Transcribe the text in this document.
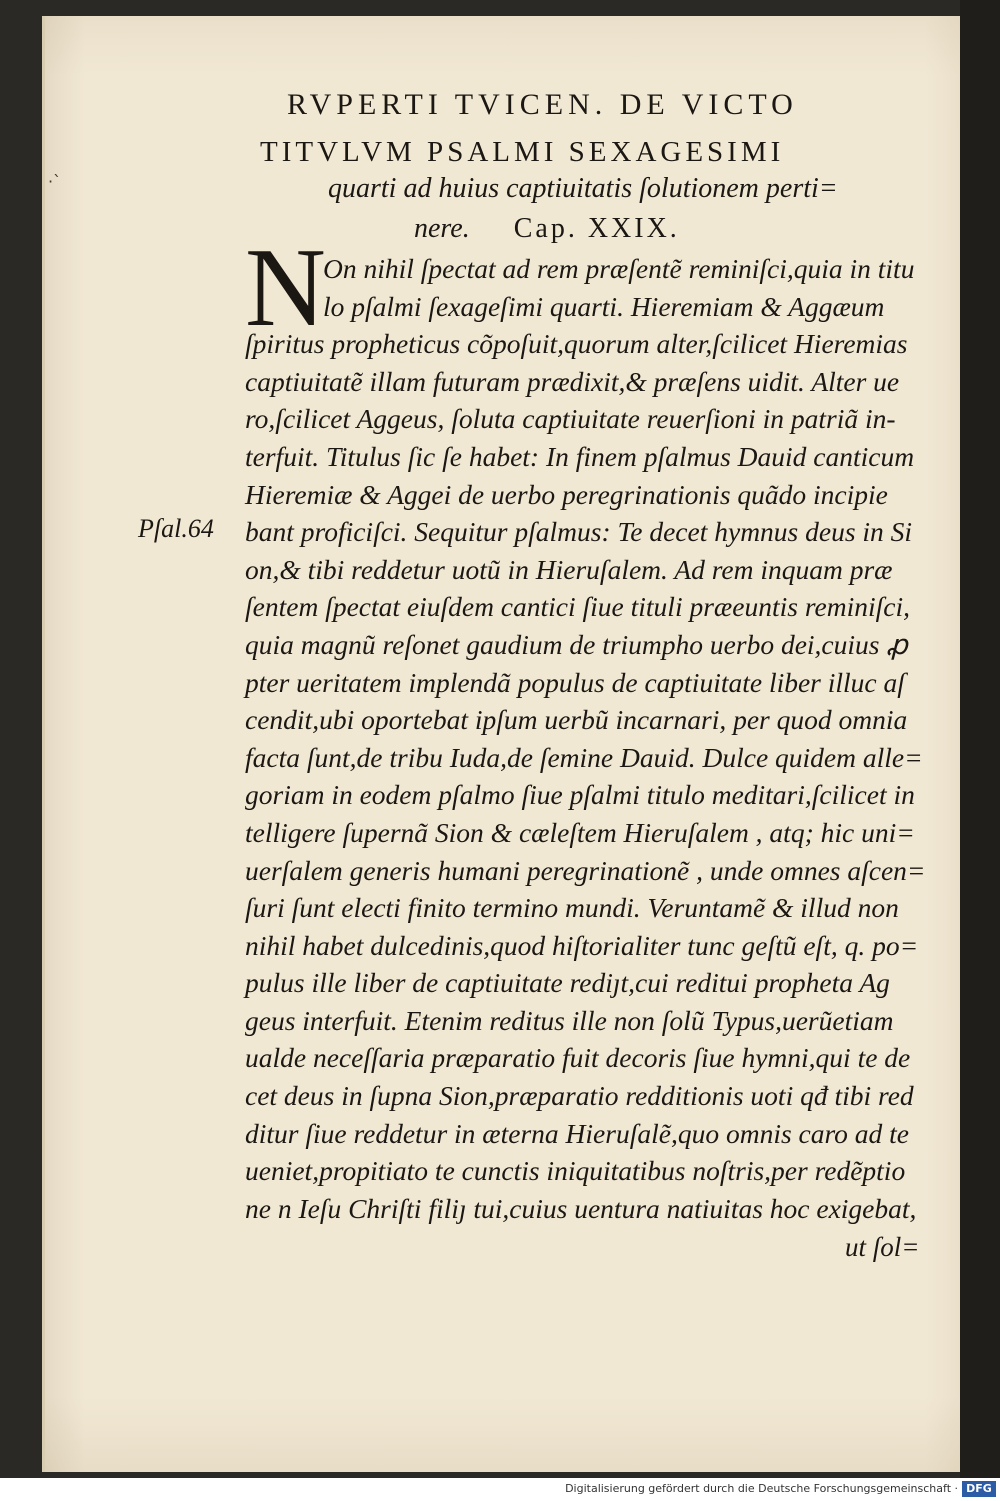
·`
RVPERTI TVICEN. DE VICTO
TITVLVM PSALMI SEXAGESIMI
quarti ad huius captiuitatis ſolutionem perti=
nere. Cap. XXIX.
N
Pſal.64
On nihil ſpectat ad rem præſentẽ reminiſci,quia in titu
lo pſalmi ſexageſimi quarti. Hieremiam & Aggæum
ſpiritus propheticus cõpoſuit,quorum alter,ſcilicet Hieremias
captiuitatẽ illam futuram prædixit,& præſens uidit. Alter ue
ro,ſcilicet Aggeus, ſoluta captiuitate reuerſioni in patriã in-
terfuit. Titulus ſic ſe habet: In finem pſalmus Dauid canticum
Hieremiæ & Aggei de uerbo peregrinationis quãdo incipie
bant proficiſci. Sequitur pſalmus: Te decet hymnus deus in Si
on,& tibi reddetur uotũ in Hieruſalem. Ad rem inquam præ
ſentem ſpectat eiuſdem cantici ſiue tituli præeuntis reminiſci,
quia magnũ reſonet gaudium de triumpho uerbo dei,cuius ꝓ
pter ueritatem implendã populus de captiuitate liber illuc aſ
cendit,ubi oportebat ipſum uerbũ incarnari, per quod omnia
facta ſunt,de tribu Iuda,de ſemine Dauid. Dulce quidem alle=
goriam in eodem pſalmo ſiue pſalmi titulo meditari,ſcilicet in
telligere ſupernã Sion & cæleſtem Hieruſalem , atq; hic uni=
uerſalem generis humani peregrinationẽ , unde omnes aſcen=
ſuri ſunt electi finito termino mundi. Veruntamẽ & illud non
nihil habet dulcedinis,quod hiſtorialiter tunc geſtũ eſt, q. po=
pulus ille liber de captiuitate rediȷt,cui reditui propheta Ag
geus interfuit. Etenim reditus ille non ſolũ Typus,uerũetiam
ualde neceſſaria præparatio fuit decoris ſiue hymni,qui te de
cet deus in ſupna Sion,præparatio redditionis uoti qđ tibi red
ditur ſiue reddetur in æterna Hieruſalẽ,quo omnis caro ad te
ueniet,propitiato te cunctis iniquitatibus noſtris,per redẽptio
ne n Ieſu Chriſti filiȷ tui,cuius uentura natiuitas hoc exigebat,
ut ſol=
Digitalisierung gefördert durch die Deutsche Forschungsgemeinschaft · DFG
